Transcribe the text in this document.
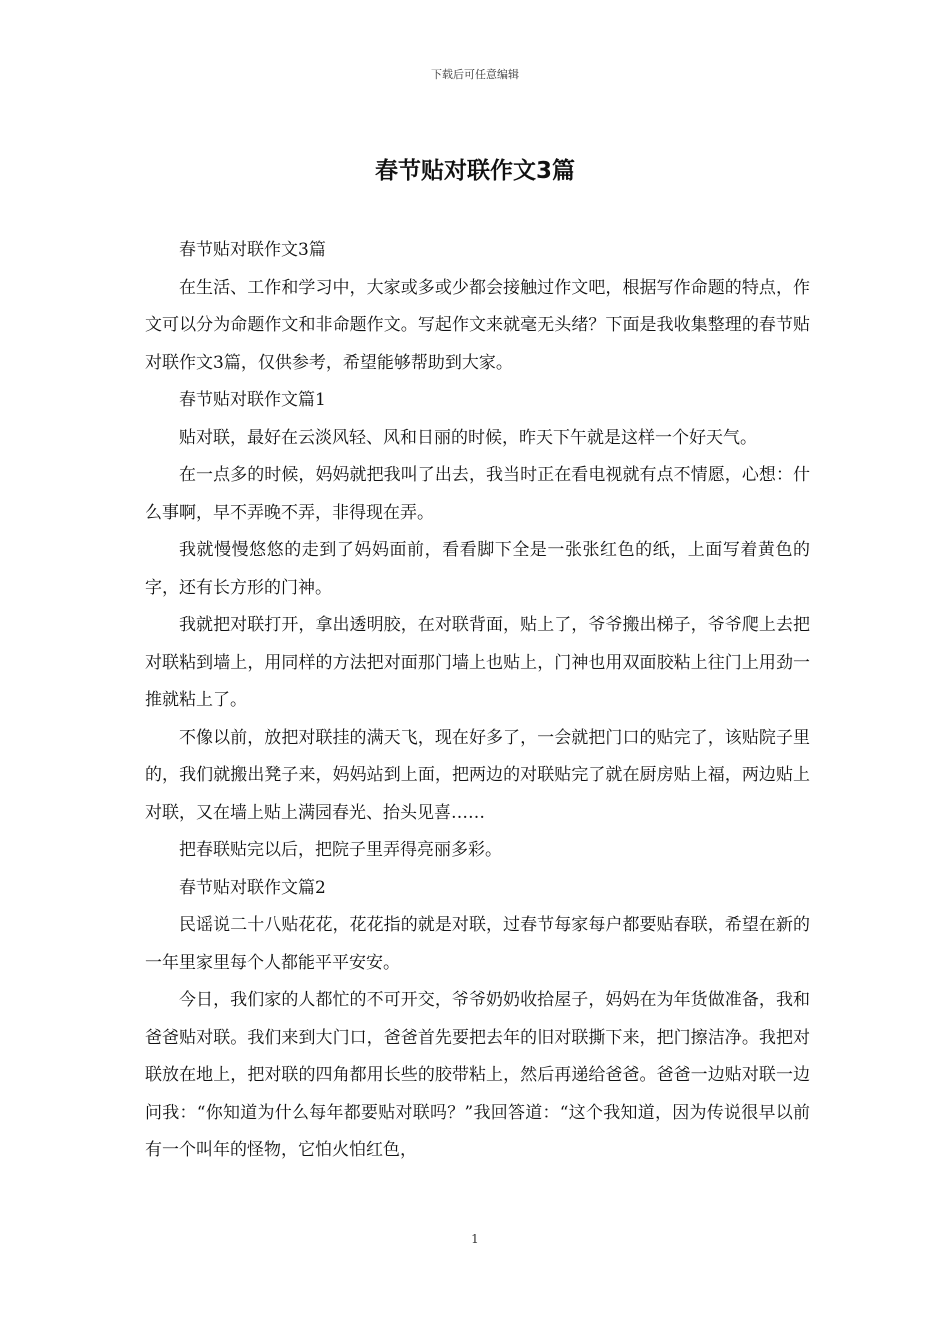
下载后可任意编辑
春节贴对联作文3篇

春节贴对联作文3篇

在生活、工作和学习中，大家或多或少都会接触过作文吧，根据写作命题的特点，作文可以分为命题作文和非命题作文。写起作文来就毫无头绪？下面是我收集整理的春节贴对联作文3篇，仅供参考，希望能够帮助到大家。

春节贴对联作文篇1

贴对联，最好在云淡风轻、风和日丽的时候，昨天下午就是这样一个好天气。

在一点多的时候，妈妈就把我叫了出去，我当时正在看电视就有点不情愿，心想：什么事啊，早不弄晚不弄，非得现在弄。

我就慢慢悠悠的走到了妈妈面前，看看脚下全是一张张红色的纸，上面写着黄色的字，还有长方形的门神。

我就把对联打开，拿出透明胶，在对联背面，贴上了，爷爷搬出梯子，爷爷爬上去把对联粘到墙上，用同样的方法把对面那门墙上也贴上，门神也用双面胶粘上往门上用劲一推就粘上了。

不像以前，放把对联挂的满天飞，现在好多了，一会就把门口的贴完了，该贴院子里的，我们就搬出凳子来，妈妈站到上面，把两边的对联贴完了就在厨房贴上福，两边贴上对联，又在墙上贴上满园春光、抬头见喜……

把春联贴完以后，把院子里弄得亮丽多彩。

春节贴对联作文篇2

民谣说二十八贴花花，花花指的就是对联，过春节每家每户都要贴春联，希望在新的一年里家里每个人都能平平安安。

今日，我们家的人都忙的不可开交，爷爷奶奶收拾屋子，妈妈在为年货做准备，我和爸爸贴对联。我们来到大门口，爸爸首先要把去年的旧对联撕下来，把门擦洁净。我把对联放在地上，把对联的四角都用长些的胶带粘上，然后再递给爸爸。爸爸一边贴对联一边问我：“你知道为什么每年都要贴对联吗？”我回答道：“这个我知道，因为传说很早以前有一个叫年的怪物，它怕火怕红色，

1
